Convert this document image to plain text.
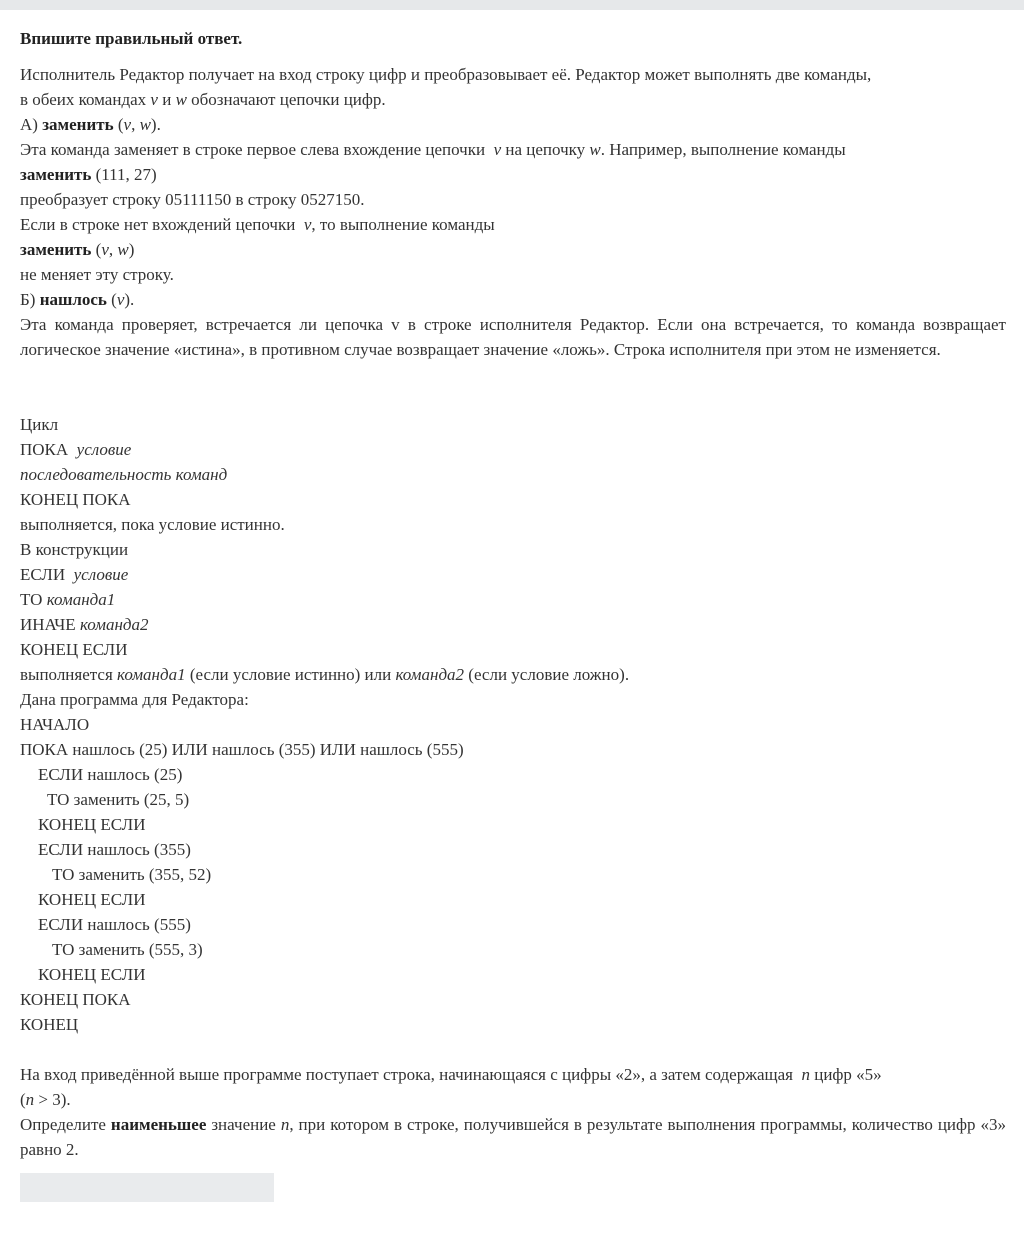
Впишите правильный ответ.
Исполнитель Редактор получает на вход строку цифр и преобразовывает её. Редактор может выполнять две команды,
в обеих командах v и w обозначают цепочки цифр.
А) заменить (v, w).
Эта команда заменяет в строке первое слева вхождение цепочки  v на цепочку w. Например, выполнение команды
заменить (111, 27)
преобразует строку 05111150 в строку 0527150.
Если в строке нет вхождений цепочки  v, то выполнение команды
заменить (v, w)
не меняет эту строку.
Б) нашлось (v).
Эта команда проверяет, встречается ли цепочка v в строке исполнителя Редактор. Если она встречается, то команда возвращает логическое значение «истина», в противном случае возвращает значение «ложь». Строка исполнителя при этом не изменяется.
Цикл
ПОКА  условие
последовательность команд
КОНЕЦ ПОКА
выполняется, пока условие истинно.
В конструкции
ЕСЛИ  условие
ТО команда1
ИНАЧЕ команда2
КОНЕЦ ЕСЛИ
выполняется команда1 (если условие истинно) или команда2 (если условие ложно).
Дана программа для Редактора:
НАЧАЛО
ПОКА нашлось (25) ИЛИ нашлось (355) ИЛИ нашлось (555)
ЕСЛИ нашлось (25)
ТО заменить (25, 5)
КОНЕЦ ЕСЛИ
ЕСЛИ нашлось (355)
ТО заменить (355, 52)
КОНЕЦ ЕСЛИ
ЕСЛИ нашлось (555)
ТО заменить (555, 3)
КОНЕЦ ЕСЛИ
КОНЕЦ ПОКА
КОНЕЦ
На вход приведённой выше программе поступает строка, начинающаяся с цифры «2», а затем содержащая  n цифр «5»
(n > 3).
Определите наименьшее значение n, при котором в строке, получившейся в результате выполнения программы, количество цифр «3» равно 2.
